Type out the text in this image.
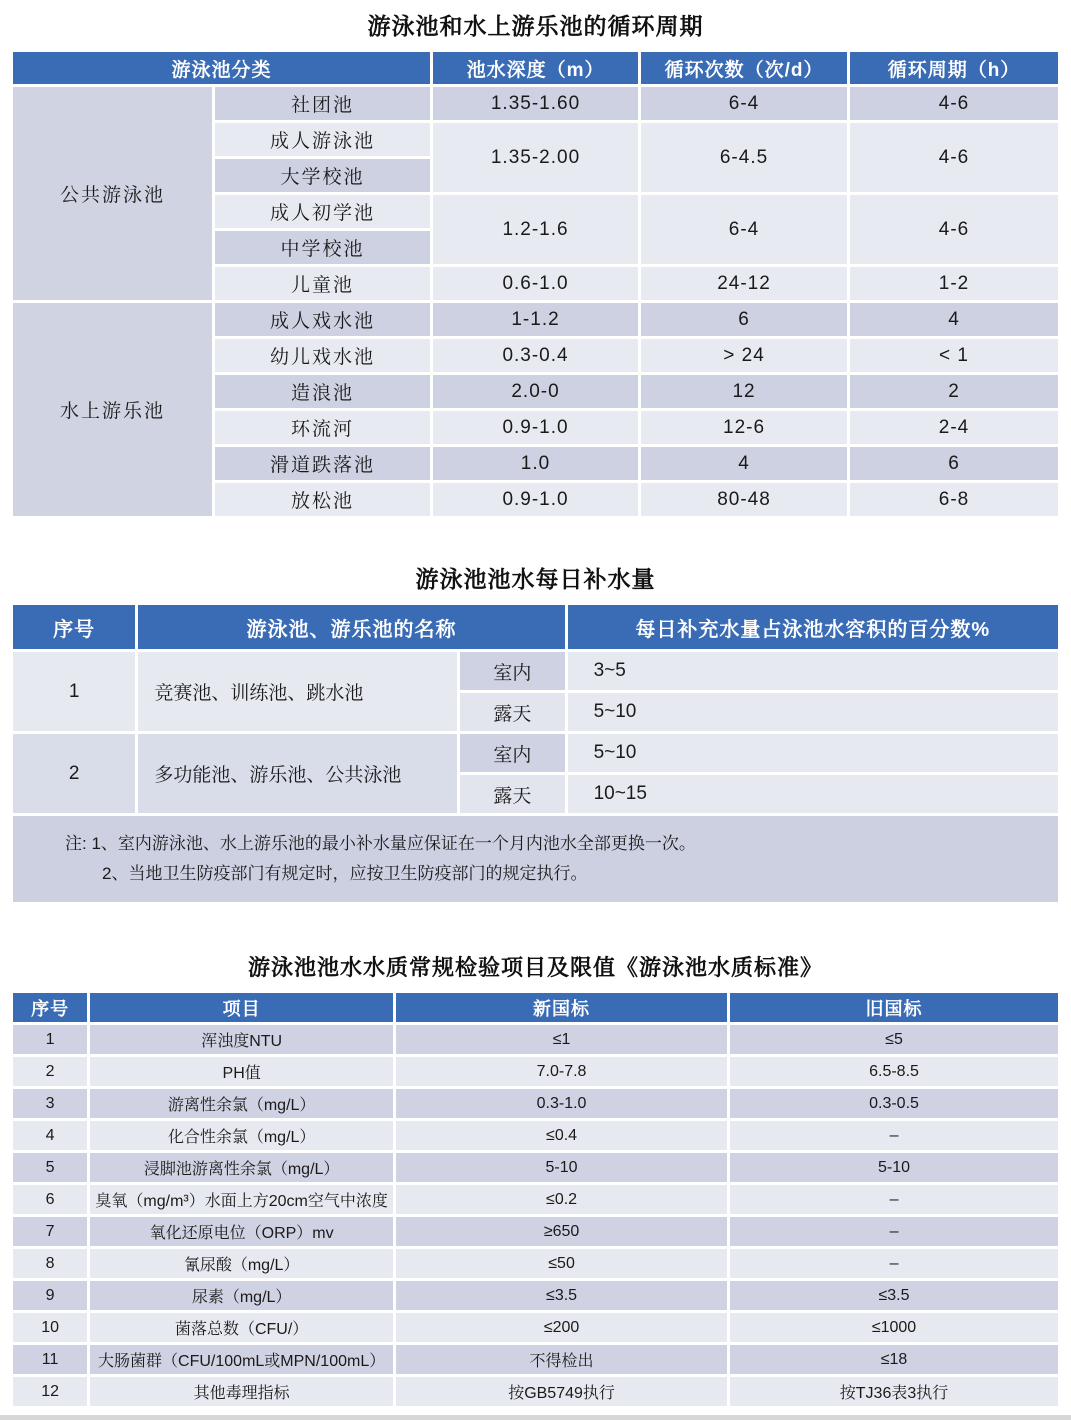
游泳池和水上游乐池的循环周期
游泳池分类		池水深度（m）	循环次数（次/d）	循环周期（h）
公共游泳池	社团池	1.35-1.60	6-4	4-6
	成人游泳池	1.35-2.00	6-4.5	4-6
	大学校池			
	成人初学池	1.2-1.6	6-4	4-6
	中学校池			
	儿童池	0.6-1.0	24-12	1-2
水上游乐池	成人戏水池	1-1.2	6	4
	幼儿戏水池	0.3-0.4	> 24	< 1
	造浪池	2.0-0	12	2
	环流河	0.9-1.0	12-6	2-4
	滑道跌落池	1.0	4	6
	放松池	0.9-1.0	80-48	6-8
游泳池池水每日补水量
序号	游泳池、游乐池的名称		每日补充水量占泳池水容积的百分数%
1	竞赛池、训练池、跳水池	室内	3~5
		露天	5~10
2	多功能池、游乐池、公共泳池	室内	5~10
		露天	10~15

注: 1、室内游泳池、水上游乐池的最小补水量应保证在一个月内池水全部更换一次。
2、当地卫生防疫部门有规定时，应按卫生防疫部门的规定执行。			
游泳池池水水质常规检验项目及限值《游泳池水质标准》
序号	项目	新国标	旧国标
1	浑浊度NTU	≤1	≤5
2	PH值	7.0-7.8	6.5-8.5
3	游离性余氯（mg/L）	0.3-1.0	0.3-0.5
4	化合性余氯（mg/L）	≤0.4	–
5	浸脚池游离性余氯（mg/L）	5-10	5-10
6	臭氧（mg/m³）水面上方20cm空气中浓度	≤0.2	–
7	氧化还原电位（ORP）mv	≥650	–
8	氰尿酸（mg/L）	≤50	–
9	尿素（mg/L）	≤3.5	≤3.5
10	菌落总数（CFU/）	≤200	≤1000
11	大肠菌群（CFU/100mL或MPN/100mL）	不得检出	≤18
12	其他毒理指标	按GB5749执行	按TJ36表3执行
